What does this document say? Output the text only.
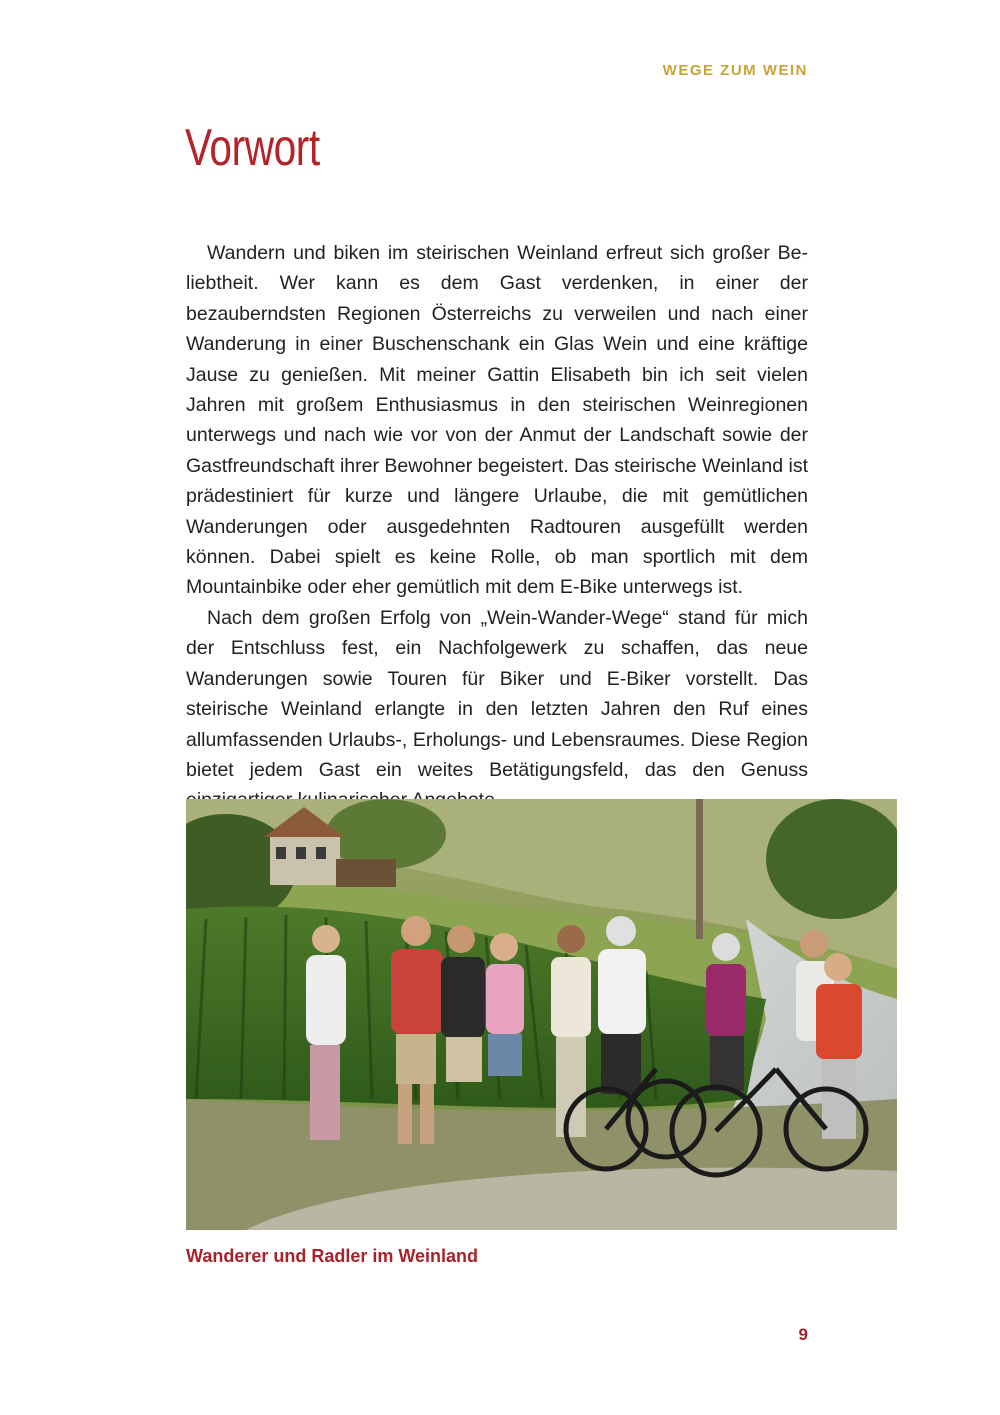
WEGE ZUM WEIN
Vorwort

Wandern und biken im steirischen Weinland erfreut sich großer Beliebtheit. Wer kann es dem Gast verdenken, in einer der bezauberndsten Regionen Österreichs zu verweilen und nach einer Wanderung in einer Buschenschank ein Glas Wein und eine kräftige Jause zu genießen. Mit meiner Gattin Elisabeth bin ich seit vielen Jahren mit großem Enthusiasmus in den steirischen Weinregionen unterwegs und nach wie vor von der Anmut der Landschaft sowie der Gastfreundschaft ihrer Bewohner begeistert. Das steirische Weinland ist prädestiniert für kurze und längere Urlaube, die mit gemütlichen Wanderungen oder ausgedehnten Radtouren ausgefüllt werden können. Dabei spielt es keine Rolle, ob man sportlich mit dem Mountainbike oder eher gemütlich mit dem E-Bike unterwegs ist.

Nach dem großen Erfolg von „Wein-Wander-Wege“ stand für mich der Entschluss fest, ein Nachfolgewerk zu schaffen, das neue Wanderungen sowie Touren für Biker und E-Biker vorstellt. Das steirische Weinland erlangte in den letzten Jahren den Ruf eines allumfassenden Urlaubs-, Erholungs- und Lebensraumes. Diese Region bietet jedem Gast ein weites Betätigungsfeld, das den Genuss

Wanderer und Radler im Weinland
9
